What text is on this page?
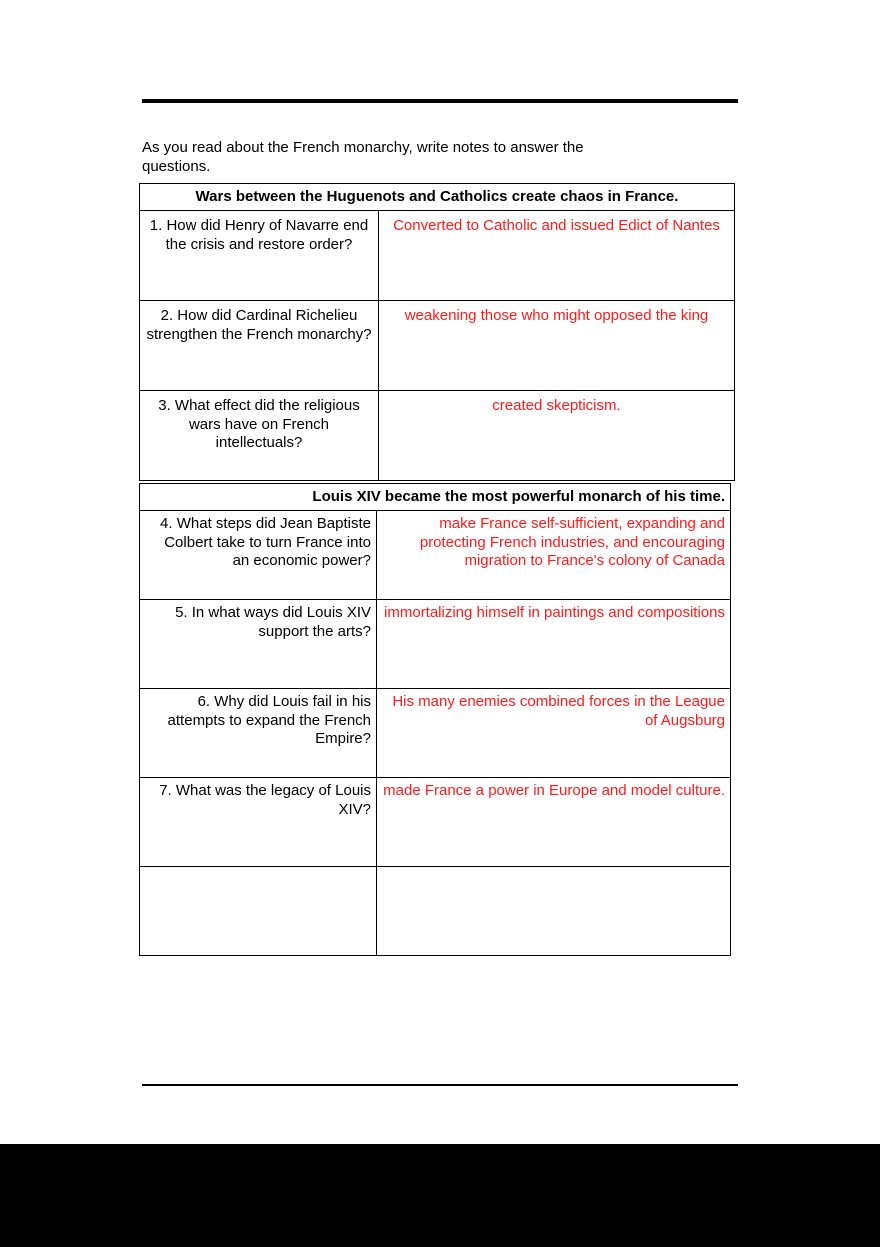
As you read about the French monarchy, write notes to answer the questions.
Wars between the Huguenots and Catholics create chaos in France.	
1. How did Henry of Navarre end the crisis and restore order?	Converted to Catholic and issued Edict of Nantes
2. How did Cardinal Richelieu strengthen the French monarchy?	weakening those who might opposed the king
3. What effect did the religious wars have on French intellectuals?	created skepticism.
Louis XIV became the most powerful monarch of his time.	
4. What steps did Jean Baptiste Colbert take to turn France into an economic power?	make France self-sufficient, expanding and protecting French industries, and encouraging migration to France's colony of Canada
5. In what ways did Louis XIV support the arts?	immortalizing himself in paintings and compositions
6. Why did Louis fail in his attempts to expand the French Empire?	His many enemies combined forces in the League of Augsburg
7. What was the legacy of Louis XIV?	made France a power in Europe and model culture.
